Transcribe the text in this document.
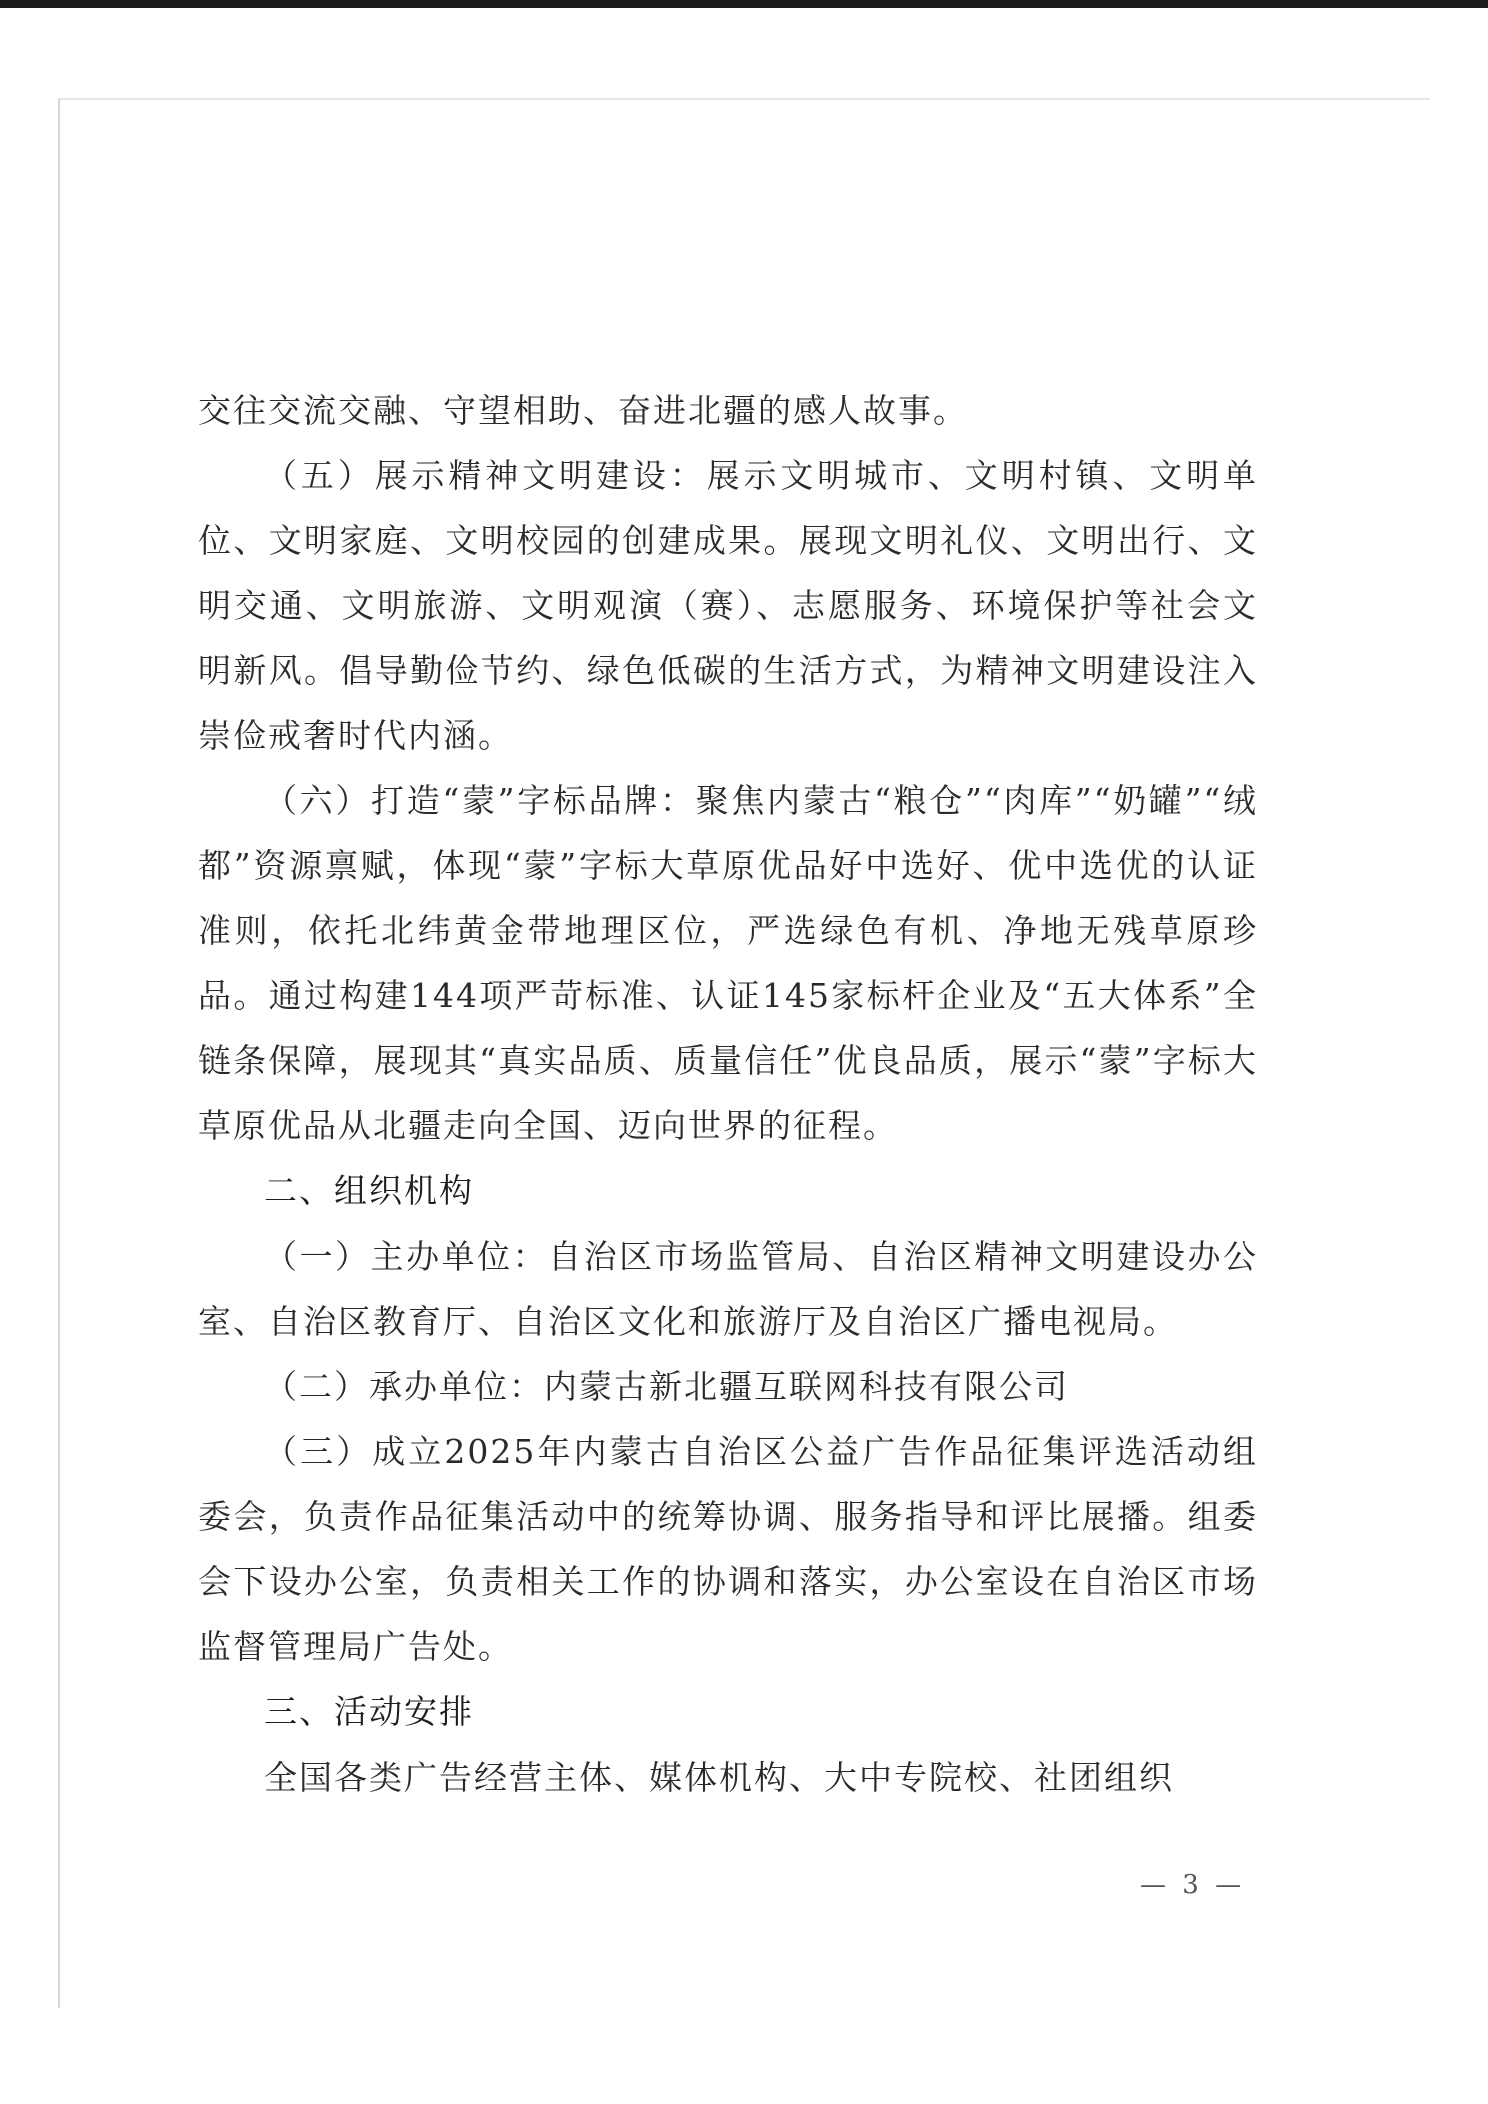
交往交流交融、守望相助、奋进北疆的感人故事。

（五）展示精神文明建设：展示文明城市、文明村镇、文明单位、文明家庭、文明校园的创建成果。展现文明礼仪、文明出行、文明交通、文明旅游、文明观演（赛）、志愿服务、环境保护等社会文明新风。倡导勤俭节约、绿色低碳的生活方式，为精神文明建设注入崇俭戒奢时代内涵。

（六）打造“蒙”字标品牌：聚焦内蒙古“粮仓”“肉库”“奶罐”“绒都”资源禀赋，体现“蒙”字标大草原优品好中选好、优中选优的认证准则，依托北纬黄金带地理区位，严选绿色有机、净地无残草原珍品。通过构建144项严苛标准、认证145家标杆企业及“五大体系”全链条保障，展现其“真实品质、质量信任”优良品质，展示“蒙”字标大草原优品从北疆走向全国、迈向世界的征程。

二、组织机构

（一）主办单位：自治区市场监管局、自治区精神文明建设办公室、自治区教育厅、自治区文化和旅游厅及自治区广播电视局。

（二）承办单位：内蒙古新北疆互联网科技有限公司

（三）成立2025年内蒙古自治区公益广告作品征集评选活动组委会，负责作品征集活动中的统筹协调、服务指导和评比展播。组委会下设办公室，负责相关工作的协调和落实，办公室设在自治区市场监督管理局广告处。

三、活动安排

全国各类广告经营主体、媒体机构、大中专院校、社团组织

— 3 —
